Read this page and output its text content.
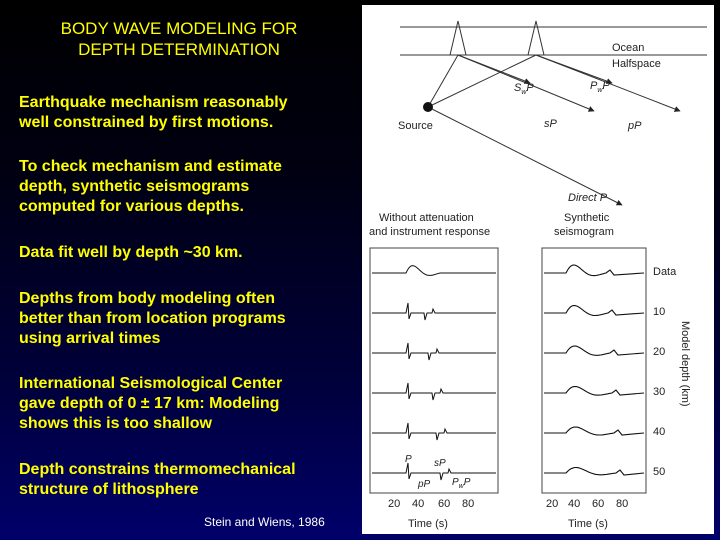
BODY WAVE MODELING FOR
DEPTH DETERMINATION
Earthquake mechanism reasonably
well constrained by first motions.
To check mechanism and estimate
depth, synthetic seismograms
computed for various depths.
Data fit well by depth ~30 km.
Depths from body modeling often
better than from location programs
using arrival times
International Seismological Center
gave depth of 0 ± 17 km: Modeling
shows this is too shallow
Depth constrains thermomechanical
structure of lithosphere
Stein and Wiens, 1986
Ocean
Halfspace
$S_wP$	$P_wP$
Source	sP	pP
Direct P
Without attenuation
and instrument response
Synthetic
seismogram
Data
10
20
30
40
50
Model depth (km)
P sP
pP $P_wP$
20 40 60 80	20 40 60 80
Time (s)	Time (s)
